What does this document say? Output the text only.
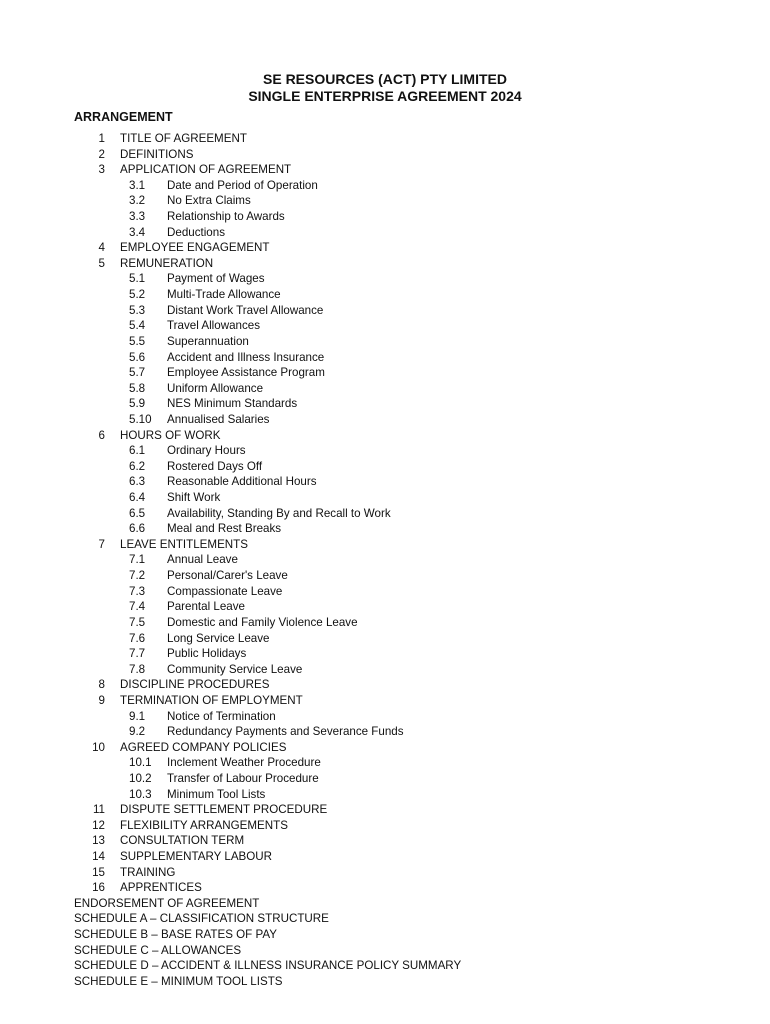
SE RESOURCES (ACT) PTY LIMITED
SINGLE ENTERPRISE AGREEMENT 2024
ARRANGEMENT
1 TITLE OF AGREEMENT
2 DEFINITIONS
3 APPLICATION OF AGREEMENT
3.1 Date and Period of Operation
3.2 No Extra Claims
3.3 Relationship to Awards
3.4 Deductions
4 EMPLOYEE ENGAGEMENT
5 REMUNERATION
5.1 Payment of Wages
5.2 Multi-Trade Allowance
5.3 Distant Work Travel Allowance
5.4 Travel Allowances
5.5 Superannuation
5.6 Accident and Illness Insurance
5.7 Employee Assistance Program
5.8 Uniform Allowance
5.9 NES Minimum Standards
5.10 Annualised Salaries
6 HOURS OF WORK
6.1 Ordinary Hours
6.2 Rostered Days Off
6.3 Reasonable Additional Hours
6.4 Shift Work
6.5 Availability, Standing By and Recall to Work
6.6 Meal and Rest Breaks
7 LEAVE ENTITLEMENTS
7.1 Annual Leave
7.2 Personal/Carer's Leave
7.3 Compassionate Leave
7.4 Parental Leave
7.5 Domestic and Family Violence Leave
7.6 Long Service Leave
7.7 Public Holidays
7.8 Community Service Leave
8 DISCIPLINE PROCEDURES
9 TERMINATION OF EMPLOYMENT
9.1 Notice of Termination
9.2 Redundancy Payments and Severance Funds
10 AGREED COMPANY POLICIES
10.1 Inclement Weather Procedure
10.2 Transfer of Labour Procedure
10.3 Minimum Tool Lists
11 DISPUTE SETTLEMENT PROCEDURE
12 FLEXIBILITY ARRANGEMENTS
13 CONSULTATION TERM
14 SUPPLEMENTARY LABOUR
15 TRAINING
16 APPRENTICES
ENDORSEMENT OF AGREEMENT
SCHEDULE A – CLASSIFICATION STRUCTURE
SCHEDULE B – BASE RATES OF PAY
SCHEDULE C – ALLOWANCES
SCHEDULE D – ACCIDENT & ILLNESS INSURANCE POLICY SUMMARY
SCHEDULE E – MINIMUM TOOL LISTS
